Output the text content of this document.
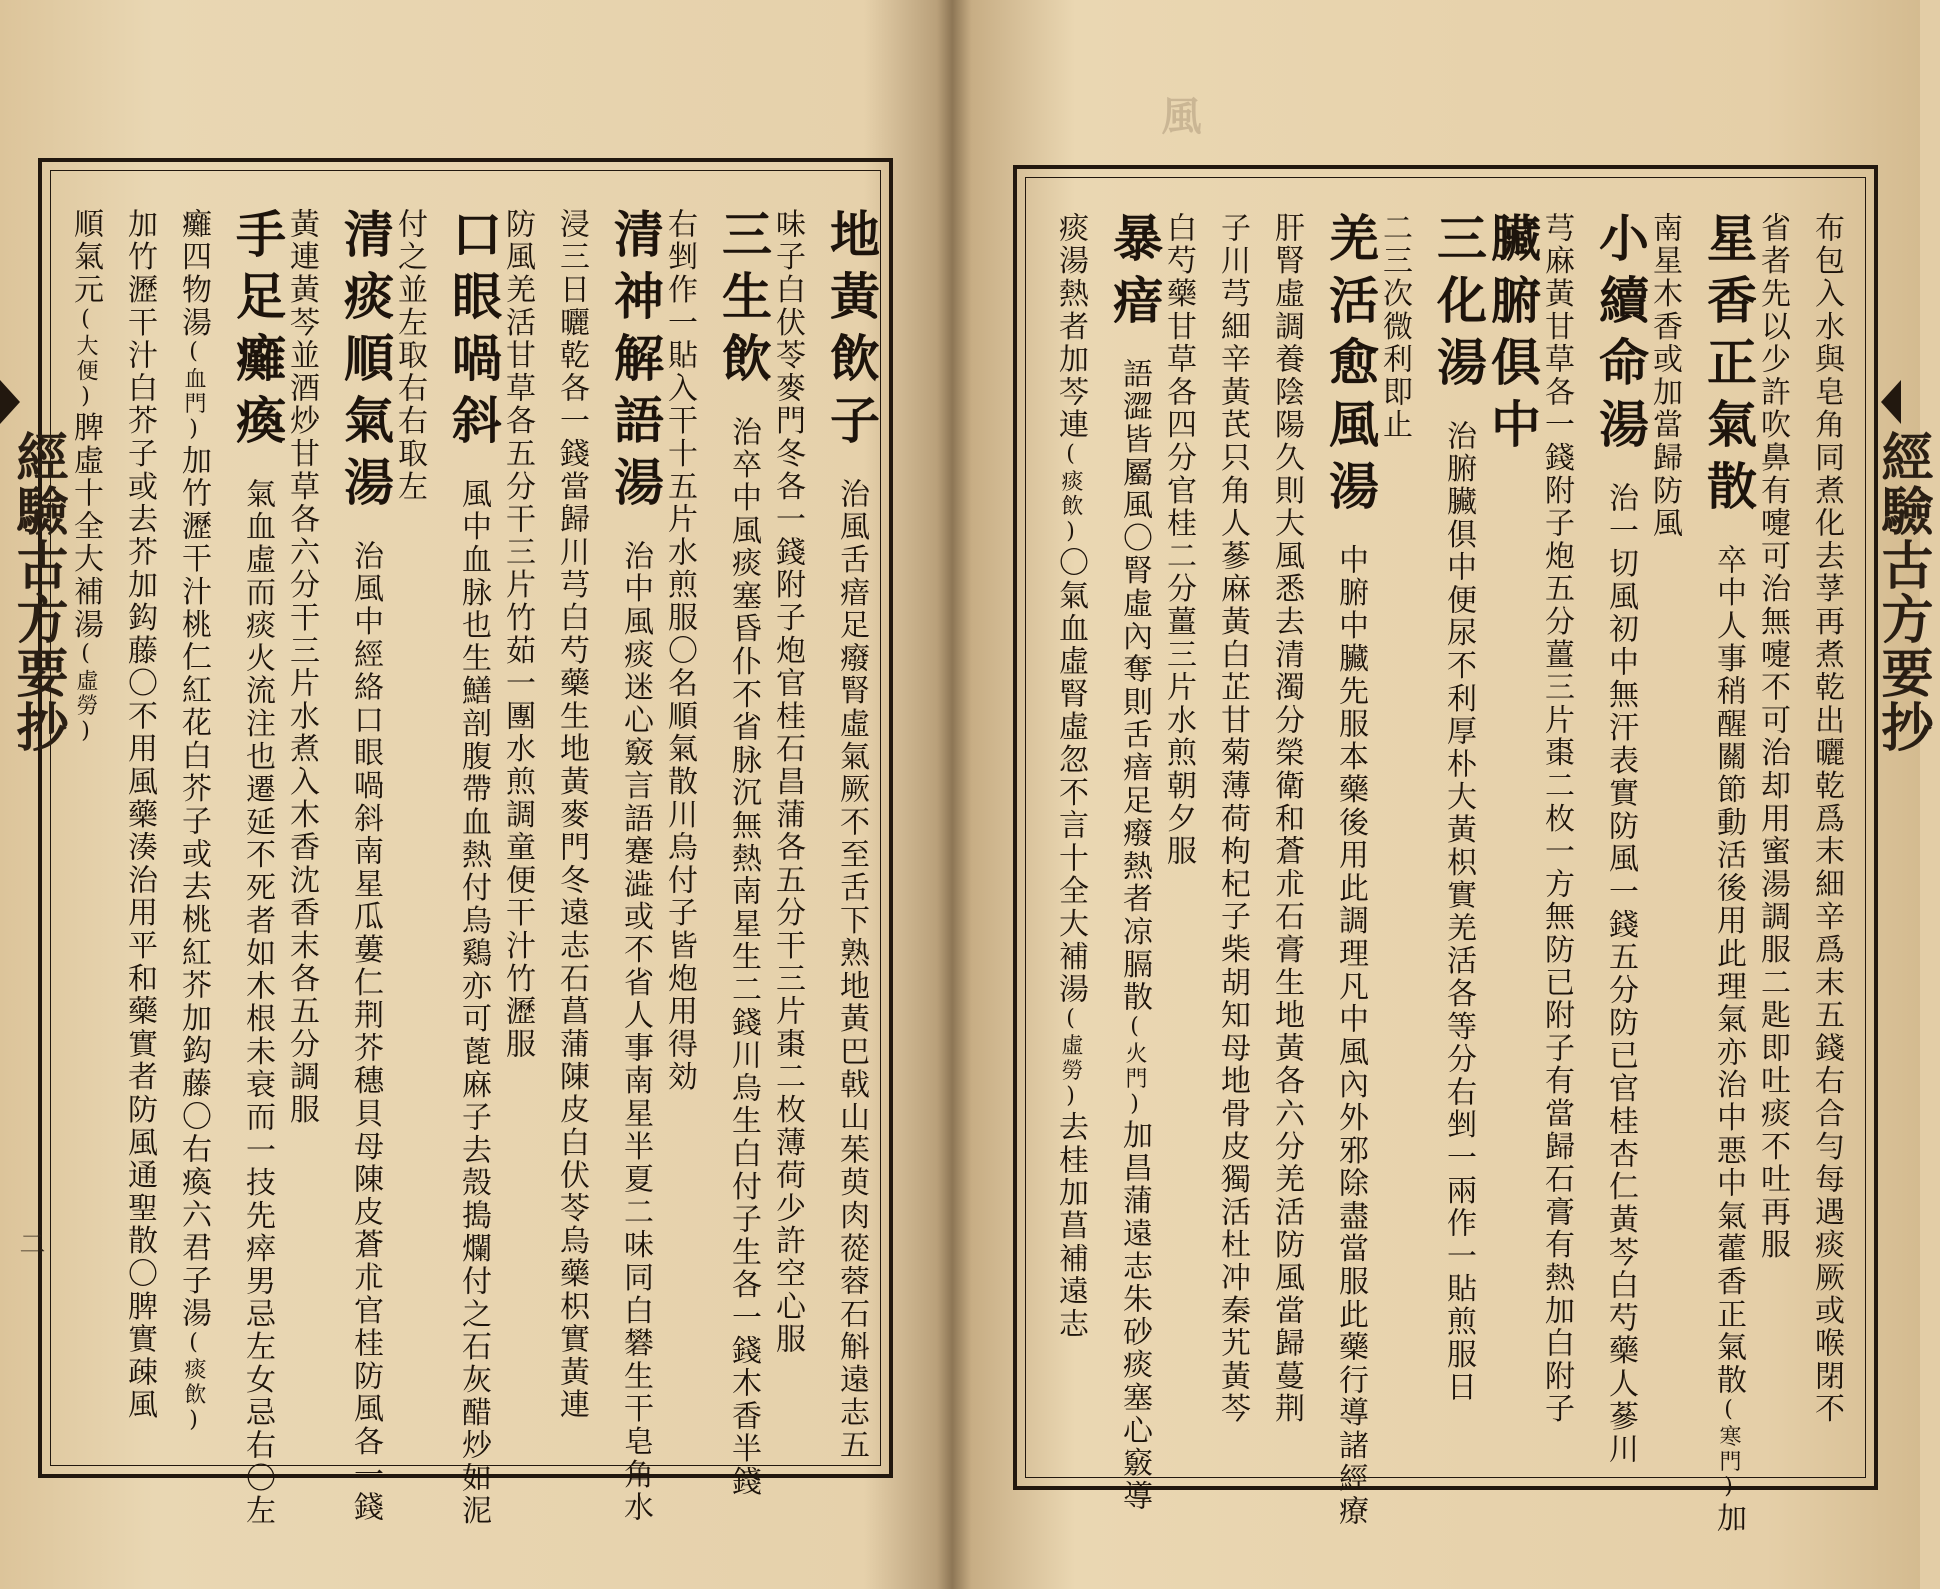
經驗古方要抄
二
地黃飲子治風舌瘖足癈腎虛氣厥不至舌下熟地黃巴戟山茱萸肉蓯蓉石斛遠志五
味子白伏苓麥門冬各一錢附子炮官桂石昌蒲各五分干三片棗二枚薄荷少許空心服
三生飲治卒中風痰塞昏仆不省脉沉無熱南星生二錢川烏生白付子生各一錢木香半錢
右剉作一貼入干十五片水煎服〇名順氣散川烏付子皆炮用得効
清神解語湯治中風痰迷心竅言語蹇澁或不省人事南星半夏二味同白礬生干皂角水
浸三日曬乾各一錢當歸川芎白芍藥生地黃麥門冬遠志石菖蒲陳皮白伏苓烏藥枳實黃連
防風羌活甘草各五分干三片竹茹一團水煎調童便干汁竹瀝服
口眼喎斜風中血脉也生鱔剖腹帶血熱付烏鷄亦可蓖麻子去殼搗爛付之石灰醋炒如泥
付之並左取右右取左
清痰順氣湯治風中經絡口眼喎斜南星瓜蔞仁荆芥穗貝母陳皮蒼朮官桂防風各一錢
黃連黃芩並酒炒甘草各六分干三片水煮入木香沈香末各五分調服
手足癱瘓氣血虛而痰火流注也遷延不死者如木根未衰而一技先瘁男忌左女忌右〇左
癱四物湯(血門)加竹瀝干汁桃仁紅花白芥子或去桃紅芥加鈎藤〇右瘓六君子湯(痰飲)
加竹瀝干汁白芥子或去芥加鈎藤〇不用風藥湊治用平和藥實者防風通聖散〇脾實疎風
順氣元(大便)脾虛十全大補湯(虛勞)
風
經驗古方要抄
布包入水與皂角同煮化去莩再煮乾出曬乾爲末細辛爲末五錢右合勻每遇痰厥或喉閉不
省者先以少許吹鼻有嚏可治無嚏不可治却用蜜湯調服二匙即吐痰不吐再服
星香正氣散卒中人事稍醒關節動活後用此理氣亦治中悪中氣藿香正氣散(寒門)加
南星木香或加當歸防風
小續命湯治一切風初中無汗表實防風一錢五分防已官桂杏仁黃芩白芍藥人蔘川
芎麻黃甘草各一錢附子炮五分薑三片棗二枚一方無防已附子有當歸石膏有熱加白附子
臟腑俱中
三化湯治腑臟俱中便尿不利厚朴大黃枳實羌活各等分右剉一兩作一貼煎服日
二三次微利即止
羌活愈風湯中腑中臟先服本藥後用此調理凡中風內外邪除盡當服此藥行導諸經療
肝腎虛調養陰陽久則大風悉去清濁分榮衛和蒼朮石膏生地黃各六分羌活防風當歸蔓荆
子川芎細辛黃芪只角人蔘麻黃白芷甘菊薄荷枸杞子柴胡知母地骨皮獨活杜冲秦艽黃芩
白芍藥甘草各四分官桂二分薑三片水煎朝夕服
暴瘖語澀皆屬風〇腎虛內奪則舌瘖足癈熱者凉膈散(火門)加昌蒲遠志朱砂痰塞心竅導
痰湯熱者加芩連(痰飲)〇氣血虛腎虛忽不言十全大補湯(虛勞)去桂加菖補遠志
